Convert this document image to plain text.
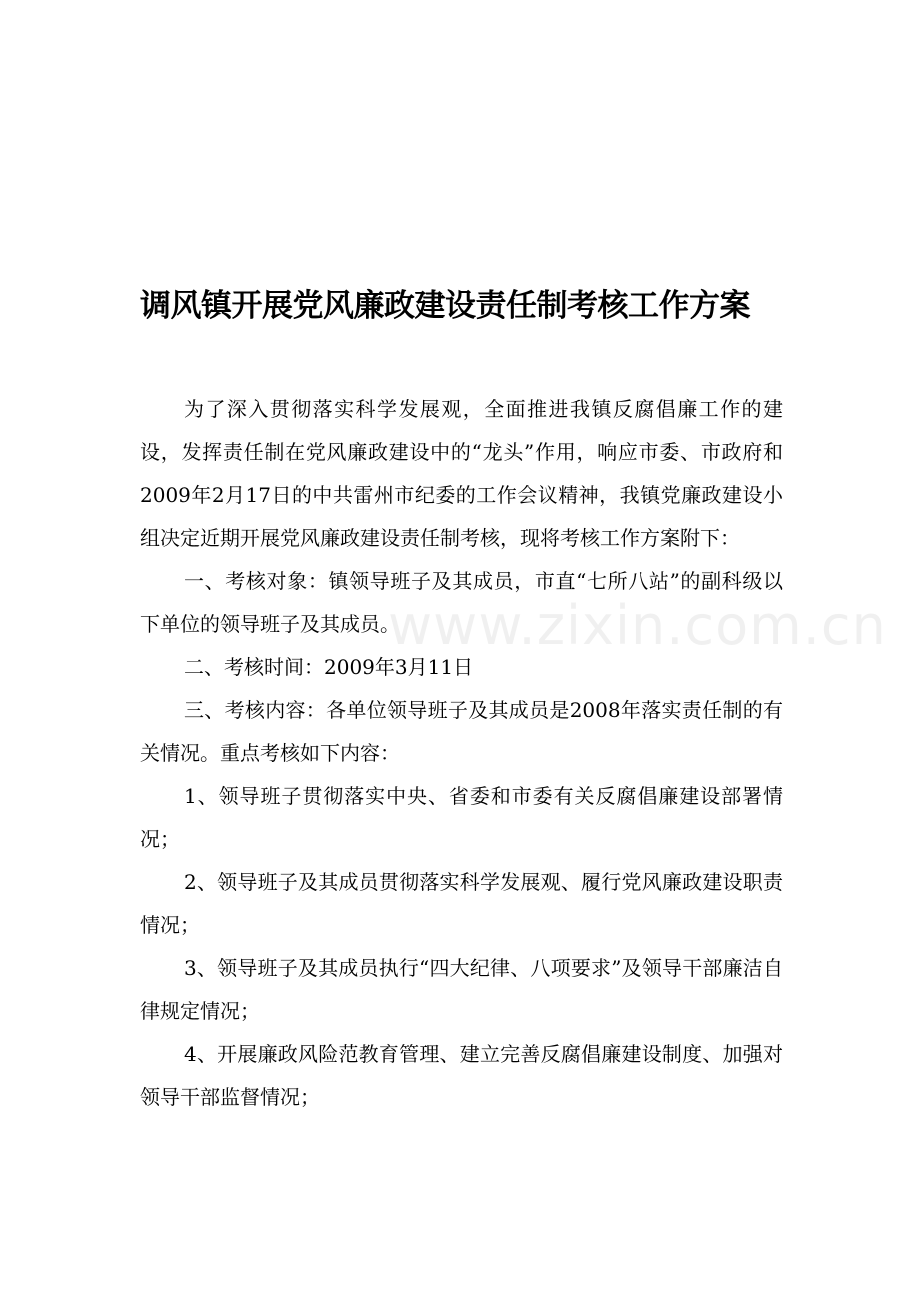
调风镇开展党风廉政建设责任制考核工作方案
www.zixin.com.cn

为了深入贯彻落实科学发展观，全面推进我镇反腐倡廉工作的建设，发挥责任制在党风廉政建设中的“龙头”作用，响应市委、市政府和2009年2月17日的中共雷州市纪委的工作会议精神，我镇党廉政建设小组决定近期开展党风廉政建设责任制考核，现将考核工作方案附下：

一、考核对象：镇领导班子及其成员，市直“七所八站”的副科级以下单位的领导班子及其成员。

二、考核时间：2009年3月11日

三、考核内容：各单位领导班子及其成员是2008年落实责任制的有关情况。重点考核如下内容：

1、领导班子贯彻落实中央、省委和市委有关反腐倡廉建设部署情况；

2、领导班子及其成员贯彻落实科学发展观、履行党风廉政建设职责情况；

3、领导班子及其成员执行“四大纪律、八项要求”及领导干部廉洁自律规定情况；

4、开展廉政风险范教育管理、建立完善反腐倡廉建设制度、加强对领导干部监督情况；
